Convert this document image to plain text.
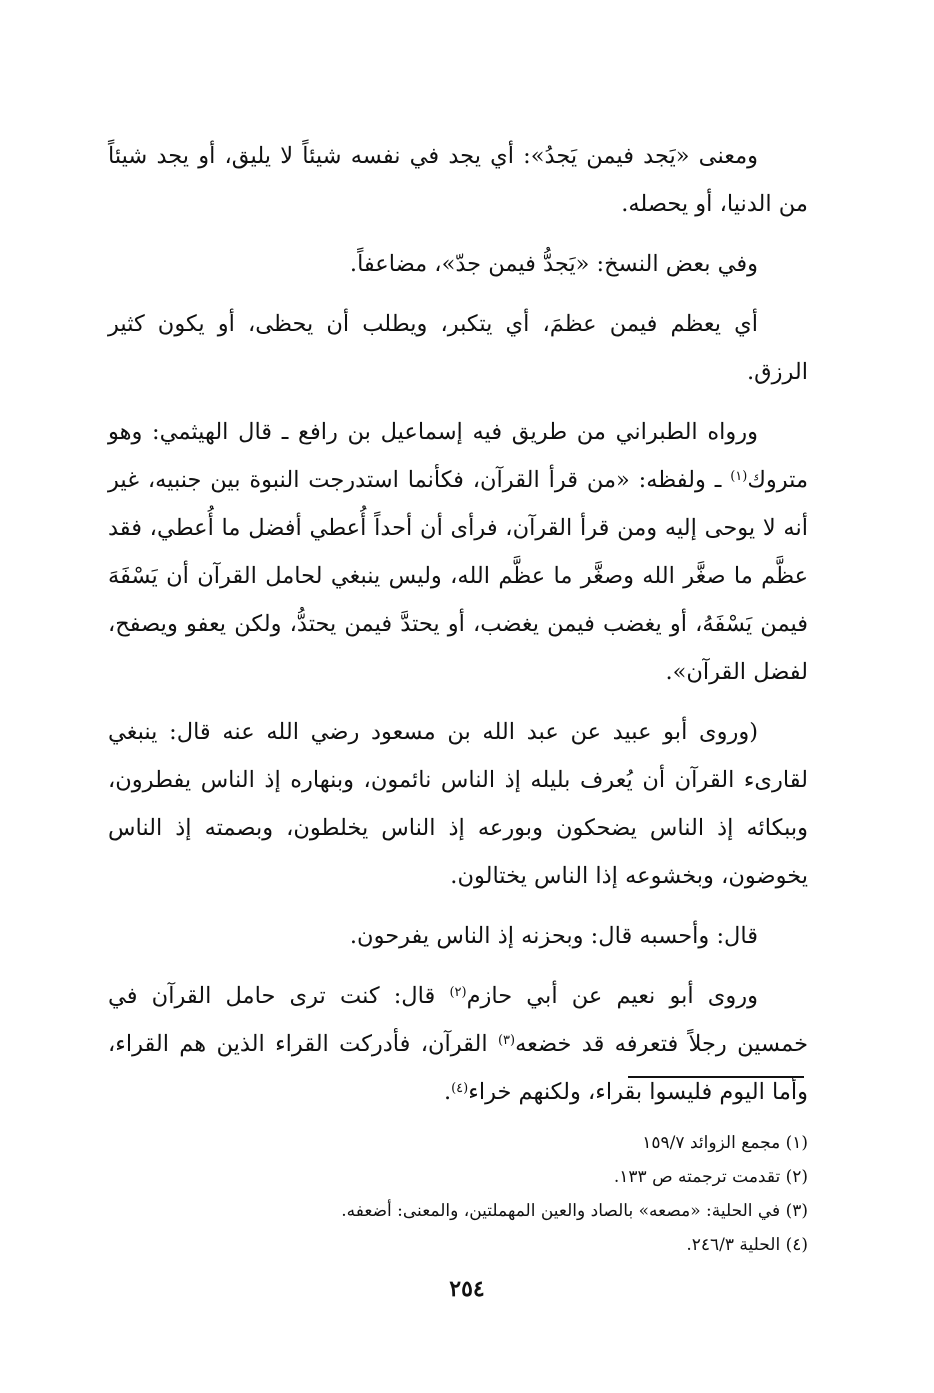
ومعنى «يَجد فيمن يَجدُ»: أي يجد في نفسه شيئاً لا يليق، أو يجد شيئاً من الدنيا، أو يحصله.

وفي بعض النسخ: «يَجدُّ فيمن جدّ»، مضاعفاً.

أي يعظم فيمن عظمَ، أي يتكبر، ويطلب أن يحظى، أو يكون كثير الرزق.

ورواه الطبراني من طريق فيه إسماعيل بن رافع ـ قال الهيثمي: وهو متروك$^{(١)}$ ـ ولفظه: «من قرأ القرآن، فكأنما استدرجت النبوة بين جنبيه، غير أنه لا يوحى إليه ومن قرأ القرآن، فرأى أن أحداً أُعطي أفضل ما أُعطي، فقد عظَّم ما صغَّر الله وصغَّر ما عظَّم الله، وليس ينبغي لحامل القرآن أن يَسْفَهَ فيمن يَسْفَهُ، أو يغضب فيمن يغضب، أو يحتدَّ فيمن يحتدُّ، ولكن يعفو ويصفح، لفضل القرآن».

(وروى أبو عبيد عن عبد الله بن مسعود رضي الله عنه قال: ينبغي لقارىء القرآن أن يُعرف بليله إذ الناس نائمون، وبنهاره إذ الناس يفطرون، وببكائه إذ الناس يضحكون وبورعه إذ الناس يخلطون، وبصمته إذ الناس يخوضون، وبخشوعه إذا الناس يختالون.

قال: وأحسبه قال: وبحزنه إذ الناس يفرحون.

وروى أبو نعيم عن أبي حازم$^{(٢)}$ قال: كنت ترى حامل القرآن في خمسين رجلاً فتعرفه قد خضعه$^{(٣)}$ القرآن، فأدركت القراء الذين هم القراء، وأما اليوم فليسوا بقراء، ولكنهم خراء$^{(٤)}$.

(١) مجمع الزوائد ١٥٩/٧

(٢) تقدمت ترجمته ص ١٣٣.

(٣) في الحلية: «مصعه» بالصاد والعين المهملتين، والمعنى: أضعفه.

(٤) الحلية ٢٤٦/٣.

٢٥٤
